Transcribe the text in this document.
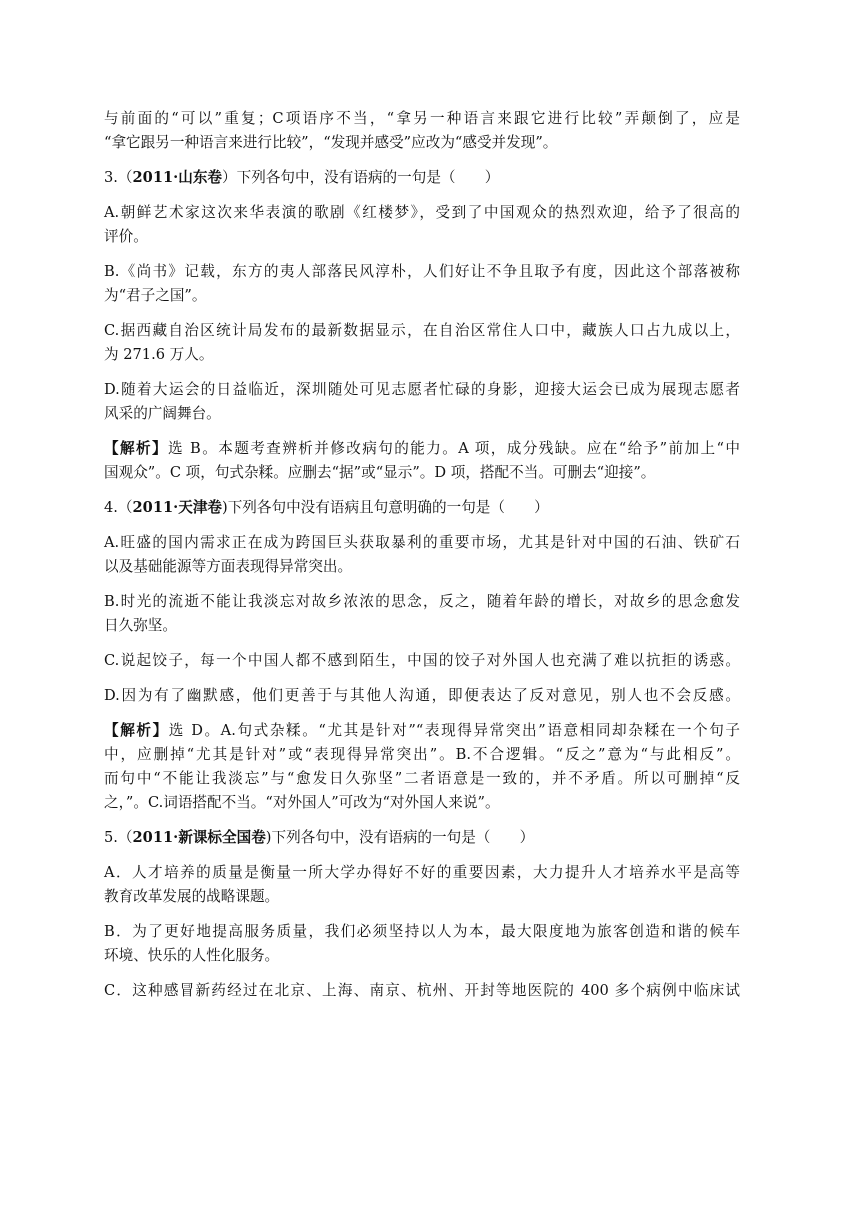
与前面的“可以”重复；C项语序不当，“拿另一种语言来跟它进行比较”弄颠倒了，应是
“拿它跟另一种语言来进行比较”，“发现并感受”应改为“感受并发现”。
3.（2011·山东卷）下列各句中，没有语病的一句是（　　）
A.朝鲜艺术家这次来华表演的歌剧《红楼梦》，受到了中国观众的热烈欢迎，给予了很高的
评价。
B.《尚书》记载，东方的夷人部落民风淳朴，人们好让不争且取予有度，因此这个部落被称
为“君子之国”。
C.据西藏自治区统计局发布的最新数据显示，在自治区常住人口中，藏族人口占九成以上，
为 271.6 万人。
D.随着大运会的日益临近，深圳随处可见志愿者忙碌的身影，迎接大运会已成为展现志愿者
风采的广阔舞台。
【解析】选 B。本题考查辨析并修改病句的能力。A 项，成分残缺。应在“给予”前加上“中
国观众”。C 项，句式杂糅。应删去“据”或“显示”。D 项，搭配不当。可删去“迎接”。
4.（2011·天津卷)下列各句中没有语病且句意明确的一句是（　　）
A.旺盛的国内需求正在成为跨国巨头获取暴利的重要市场，尤其是针对中国的石油、铁矿石
以及基础能源等方面表现得异常突出。
B.时光的流逝不能让我淡忘对故乡浓浓的思念，反之，随着年龄的增长，对故乡的思念愈发
日久弥坚。
C.说起饺子，每一个中国人都不感到陌生，中国的饺子对外国人也充满了难以抗拒的诱惑。
D.因为有了幽默感，他们更善于与其他人沟通，即便表达了反对意见，别人也不会反感。
【解析】选 D。A.句式杂糅。“尤其是针对”“表现得异常突出”语意相同却杂糅在一个句子
中，应删掉“尤其是针对”或“表现得异常突出”。B.不合逻辑。“反之”意为“与此相反”。
而句中“不能让我淡忘”与“愈发日久弥坚”二者语意是一致的，并不矛盾。所以可删掉“反
之，”。C.词语搭配不当。“对外国人”可改为“对外国人来说”。
5.（2011·新课标全国卷)下列各句中，没有语病的一句是（　　）
A．人才培养的质量是衡量一所大学办得好不好的重要因素，大力提升人才培养水平是高等
教育改革发展的战略课题。
B．为了更好地提高服务质量，我们必须坚持以人为本，最大限度地为旅客创造和谐的候车
环境、快乐的人性化服务。
C．这种感冒新药经过在北京、上海、南京、杭州、开封等地医院的 400 多个病例中临床试
